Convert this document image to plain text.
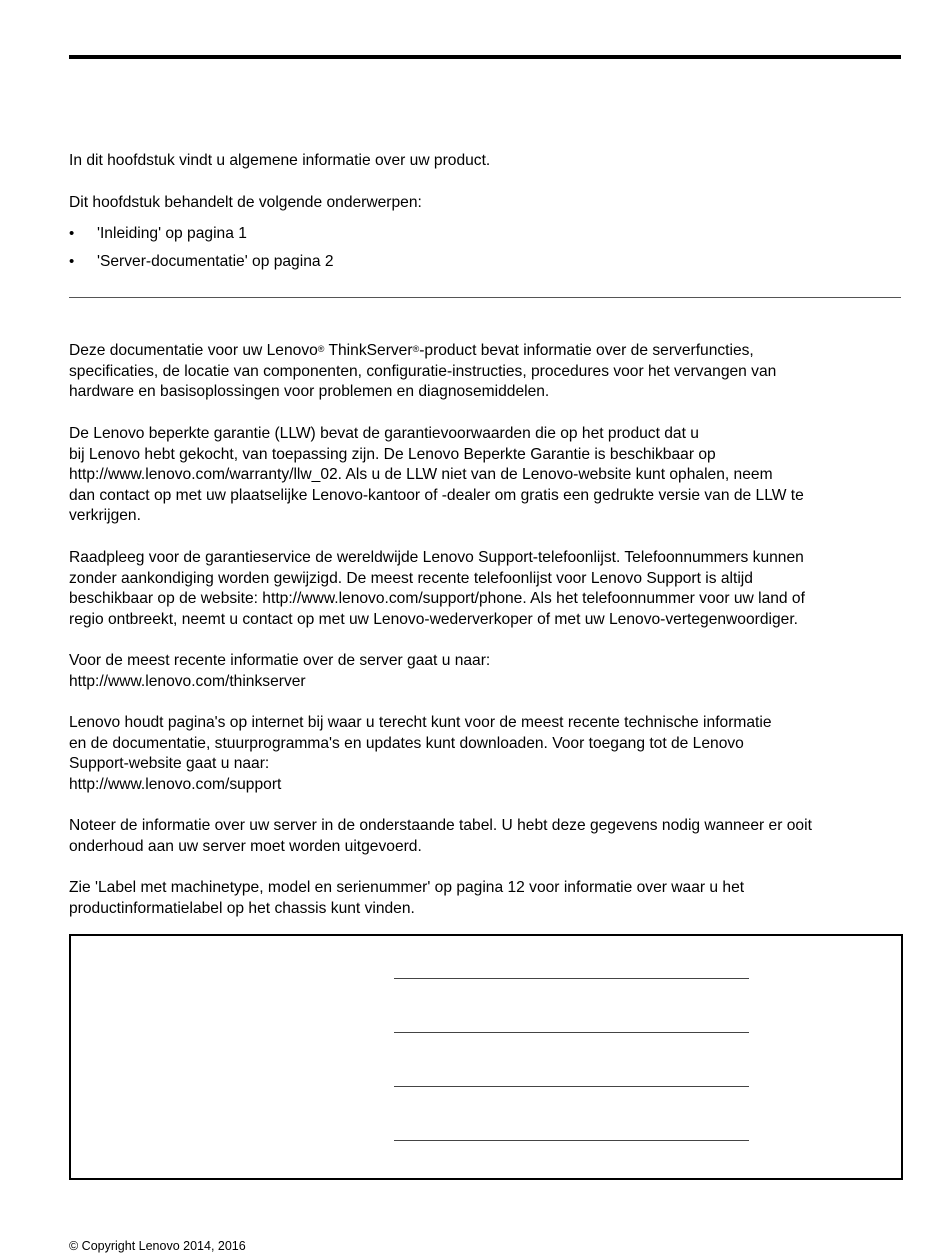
In dit hoofdstuk vindt u algemene informatie over uw product.

Dit hoofdstuk behandelt de volgende onderwerpen:

• 'Inleiding' op pagina 1
• 'Server-documentatie' op pagina 2

Deze documentatie voor uw Lenovo® ThinkServer®-product bevat informatie over de serverfuncties,
specificaties, de locatie van componenten, configuratie-instructies, procedures voor het vervangen van
hardware en basisoplossingen voor problemen en diagnosemiddelen.

De Lenovo beperkte garantie (LLW) bevat de garantievoorwaarden die op het product dat u
bij Lenovo hebt gekocht, van toepassing zijn. De Lenovo Beperkte Garantie is beschikbaar op
http://www.lenovo.com/warranty/llw_02. Als u de LLW niet van de Lenovo-website kunt ophalen, neem
dan contact op met uw plaatselijke Lenovo-kantoor of -dealer om gratis een gedrukte versie van de LLW te
verkrijgen.

Raadpleeg voor de garantieservice de wereldwijde Lenovo Support-telefoonlijst. Telefoonnummers kunnen
zonder aankondiging worden gewijzigd. De meest recente telefoonlijst voor Lenovo Support is altijd
beschikbaar op de website: http://www.lenovo.com/support/phone. Als het telefoonnummer voor uw land of
regio ontbreekt, neemt u contact op met uw Lenovo-wederverkoper of met uw Lenovo-vertegenwoordiger.

Voor de meest recente informatie over de server gaat u naar:
http://www.lenovo.com/thinkserver

Lenovo houdt pagina's op internet bij waar u terecht kunt voor de meest recente technische informatie
en de documentatie, stuurprogramma's en updates kunt downloaden. Voor toegang tot de Lenovo
Support-website gaat u naar:
http://www.lenovo.com/support

Noteer de informatie over uw server in de onderstaande tabel. U hebt deze gegevens nodig wanneer er ooit
onderhoud aan uw server moet worden uitgevoerd.

Zie 'Label met machinetype, model en serienummer' op pagina 12 voor informatie over waar u het
productinformatielabel op het chassis kunt vinden.

© Copyright Lenovo 2014, 2016
